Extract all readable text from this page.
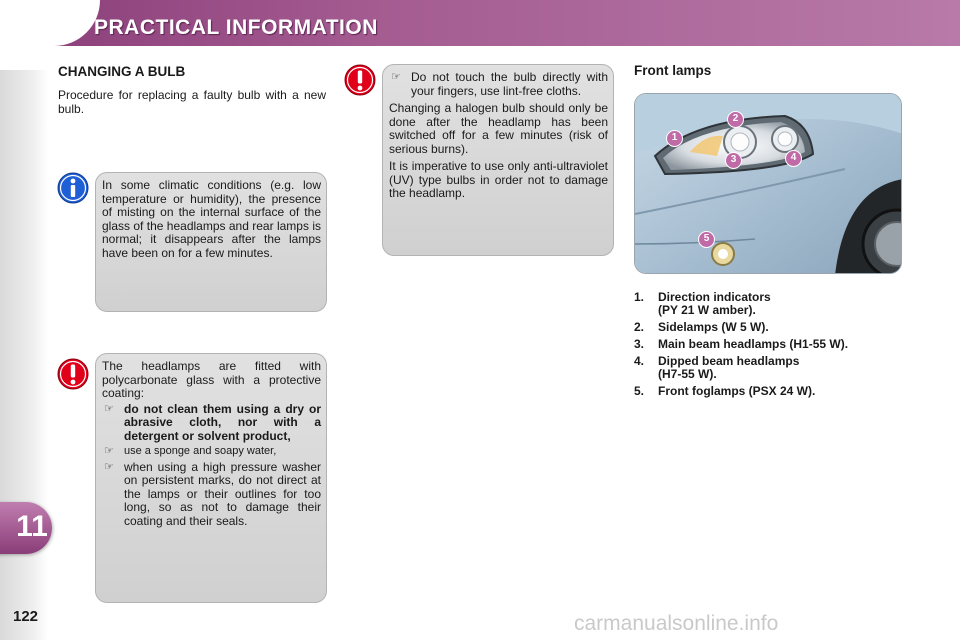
PRACTICAL INFORMATION
11
122
CHANGING A BULB
Procedure for replacing a faulty bulb with a new bulb.
In some climatic conditions (e.g. low temperature or humidity), the presence of misting on the internal surface of the glass of the headlamps and rear lamps is normal; it disappears after the lamps have been on for a few minutes.
The headlamps are fitted with polycarbonate glass with a protective coating:
☞ do not clean them using a dry or abrasive cloth, nor with a detergent or solvent product,
☞ use a sponge and soapy water,
☞ when using a high pressure washer on persistent marks, do not direct at the lamps or their outlines for too long, so as not to damage their coating and their seals.
☞ Do not touch the bulb directly with your fingers, use lint-free cloths.
Changing a halogen bulb should only be done after the headlamp has been switched off for a few minutes (risk of serious burns).
It is imperative to use only anti-ultraviolet (UV) type bulbs in order not to damage the headlamp.
Front lamps
1
2
3	4
5
1.	Direction indicators
(PY 21 W amber).
2.	Sidelamps (W 5 W).
3.	Main beam headlamps (H1-55 W).
4.	Dipped beam headlamps
(H7-55 W).
5.	Front foglamps (PSX 24 W).
carmanualsonline.info
